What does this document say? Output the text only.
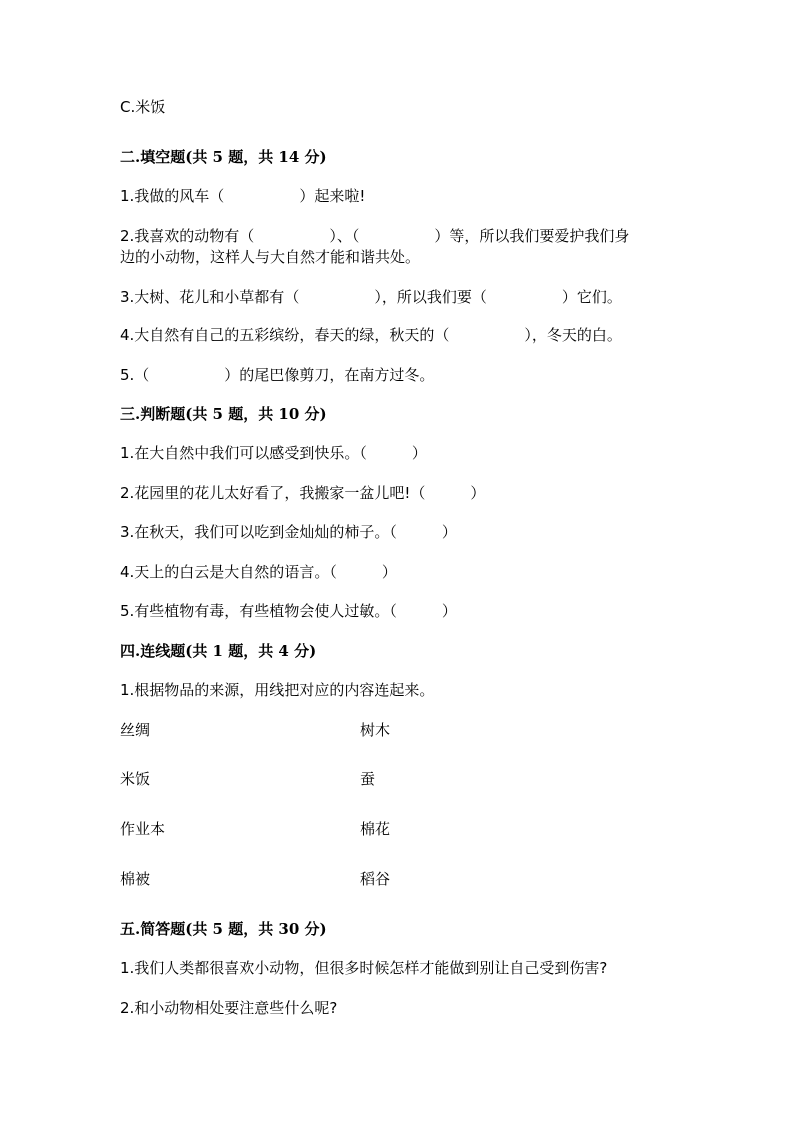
C.米饭
二.填空题(共 5 题，共 14 分)
1.我做的风车（　　　　　）起来啦!
2.我喜欢的动物有（　　　　　）、（　　　　　）等，所以我们要爱护我们身
边的小动物，这样人与大自然才能和谐共处。
3.大树、花儿和小草都有（　　　　　），所以我们要（　　　　　）它们。
4.大自然有自己的五彩缤纷，春天的绿，秋天的（　　　　　），冬天的白。
5.（　　　　　）的尾巴像剪刀，在南方过冬。
三.判断题(共 5 题，共 10 分)
1.在大自然中我们可以感受到快乐。（　　　）
2.花园里的花儿太好看了，我搬家一盆儿吧!（　　　）
3.在秋天，我们可以吃到金灿灿的柿子。（　　　）
4.天上的白云是大自然的语言。（　　　）
5.有些植物有毒，有些植物会使人过敏。（　　　）
四.连线题(共 1 题，共 4 分)
1.根据物品的来源，用线把对应的内容连起来。
丝绸	树木
米饭	蚕
作业本	棉花
棉被	稻谷
五.简答题(共 5 题，共 30 分)
1.我们人类都很喜欢小动物，但很多时候怎样才能做到别让自己受到伤害?
2.和小动物相处要注意些什么呢?
